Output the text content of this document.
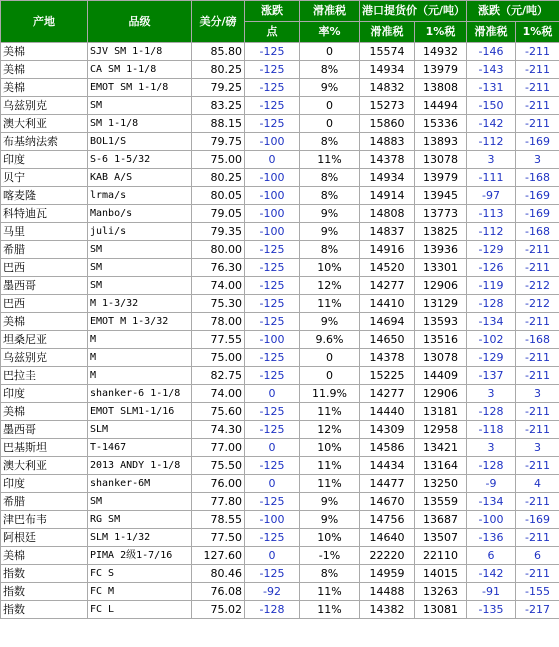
产地	品级	美分/磅	涨跌	滑准税	港口提货价（元/吨）		涨跌（元/吨）	
			点	率%	滑准税	1%税	滑准税	1%税
美棉	SJV SM 1-1/8	85.80	-125	0	15574	14932	-146	-211
美棉	CA SM 1-1/8	80.25	-125	8%	14934	13979	-143	-211
美棉	EMOT SM 1-1/8	79.25	-125	9%	14832	13808	-131	-211
乌兹别克	SM	83.25	-125	0	15273	14494	-150	-211
澳大利亚	SM 1-1/8	88.15	-125	0	15860	15336	-142	-211
布基纳法索	BOL1/S	79.75	-100	8%	14883	13893	-112	-169
印度	S-6 1-5/32	75.00	0	11%	14378	13078	3	3
贝宁	KAB A/S	80.25	-100	8%	14934	13979	-111	-168
喀麦隆	lrma/s	80.05	-100	8%	14914	13945	-97	-169
科特迪瓦	Manbo/s	79.05	-100	9%	14808	13773	-113	-169
马里	juli/s	79.35	-100	9%	14837	13825	-112	-168
希腊	SM	80.00	-125	8%	14916	13936	-129	-211
巴西	SM	76.30	-125	10%	14520	13301	-126	-211
墨西哥	SM	74.00	-125	12%	14277	12906	-119	-212
巴西	M 1-3/32	75.30	-125	11%	14410	13129	-128	-212
美棉	EMOT M 1-3/32	78.00	-125	9%	14694	13593	-134	-211
坦桑尼亚	M	77.55	-100	9.6%	14650	13516	-102	-168
乌兹别克	M	75.00	-125	0	14378	13078	-129	-211
巴拉圭	M	82.75	-125	0	15225	14409	-137	-211
印度	shanker-6 1-1/8	74.00	0	11.9%	14277	12906	3	3
美棉	EMOT SLM1-1/16	75.60	-125	11%	14440	13181	-128	-211
墨西哥	SLM	74.30	-125	12%	14309	12958	-118	-211
巴基斯坦	T-1467	77.00	0	10%	14586	13421	3	3
澳大利亚	2013 ANDY 1-1/8	75.50	-125	11%	14434	13164	-128	-211
印度	shanker-6M	76.00	0	11%	14477	13250	-9	4
希腊	SM	77.80	-125	9%	14670	13559	-134	-211
津巴布韦	RG SM	78.55	-100	9%	14756	13687	-100	-169
阿根廷	SLM 1-1/32	77.50	-125	10%	14640	13507	-136	-211
美棉	PIMA 2级1-7/16	127.60	0	-1%	22220	22110	6	6
指数	FC S	80.46	-125	8%	14959	14015	-142	-211
指数	FC M	76.08	-92	11%	14488	13263	-91	-155
指数	FC L	75.02	-128	11%	14382	13081	-135	-217
